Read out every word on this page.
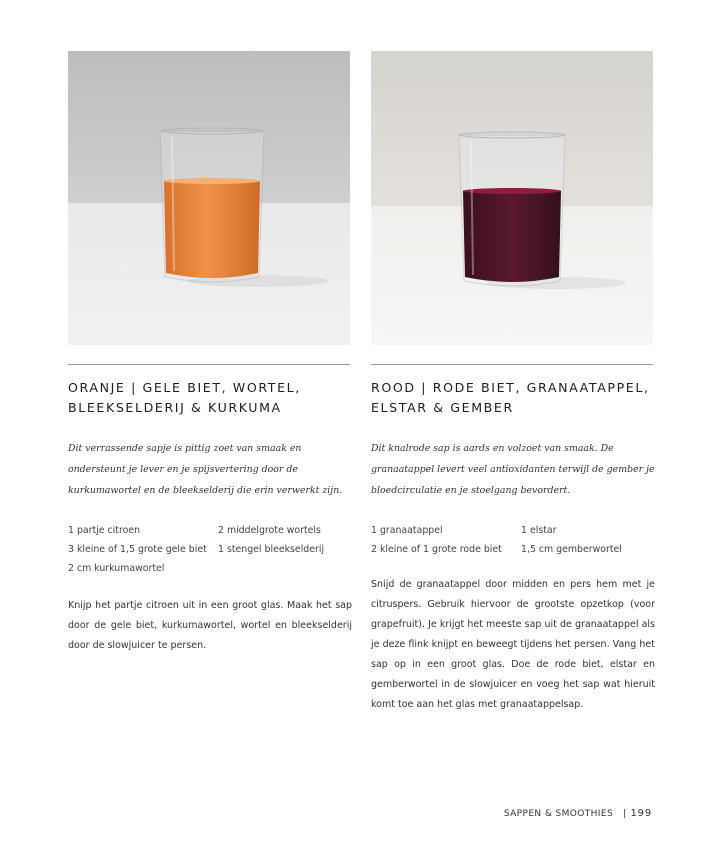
ORANJE | GELE BIET, WORTEL,
BLEEKSELDERIJ & KURKUMA

Dit verrassende sapje is pittig zoet van smaak en ondersteunt je lever en je spijsvertering door de kurkumawortel en de bleekselderij die erin verwerkt zijn.

1 partje citroen	2 middelgrote wortels
3 kleine of 1,5 grote gele biet	1 stengel bleekselderij
2 cm kurkumawortel

Knijp het partje citroen uit in een groot glas. Maak het sap door de gele biet, kurkumawortel, wortel en bleekselderij door de slowjuicer te persen.

ROOD | RODE BIET, GRANAATAPPEL,
ELSTAR & GEMBER

Dit knalrode sap is aards en volzoet van smaak. De granaatappel levert veel antioxidanten terwijl de gember je bloedcirculatie en je stoelgang bevordert.

1 granaatappel	1 elstar
2 kleine of 1 grote rode biet	1,5 cm gemberwortel

Snijd de granaatappel door midden en pers hem met je citruspers. Gebruik hiervoor de grootste opzetkop (voor grapefruit). Je krijgt het meeste sap uit de granaatappel als je deze flink knijpt en beweegt tijdens het persen. Vang het sap op in een groot glas. Doe de rode biet, elstar en gemberwortel in de slowjuicer en voeg het sap wat hieruit komt toe aan het glas met granaatappelsap.

SAPPEN & SMOOTHIES | 199
